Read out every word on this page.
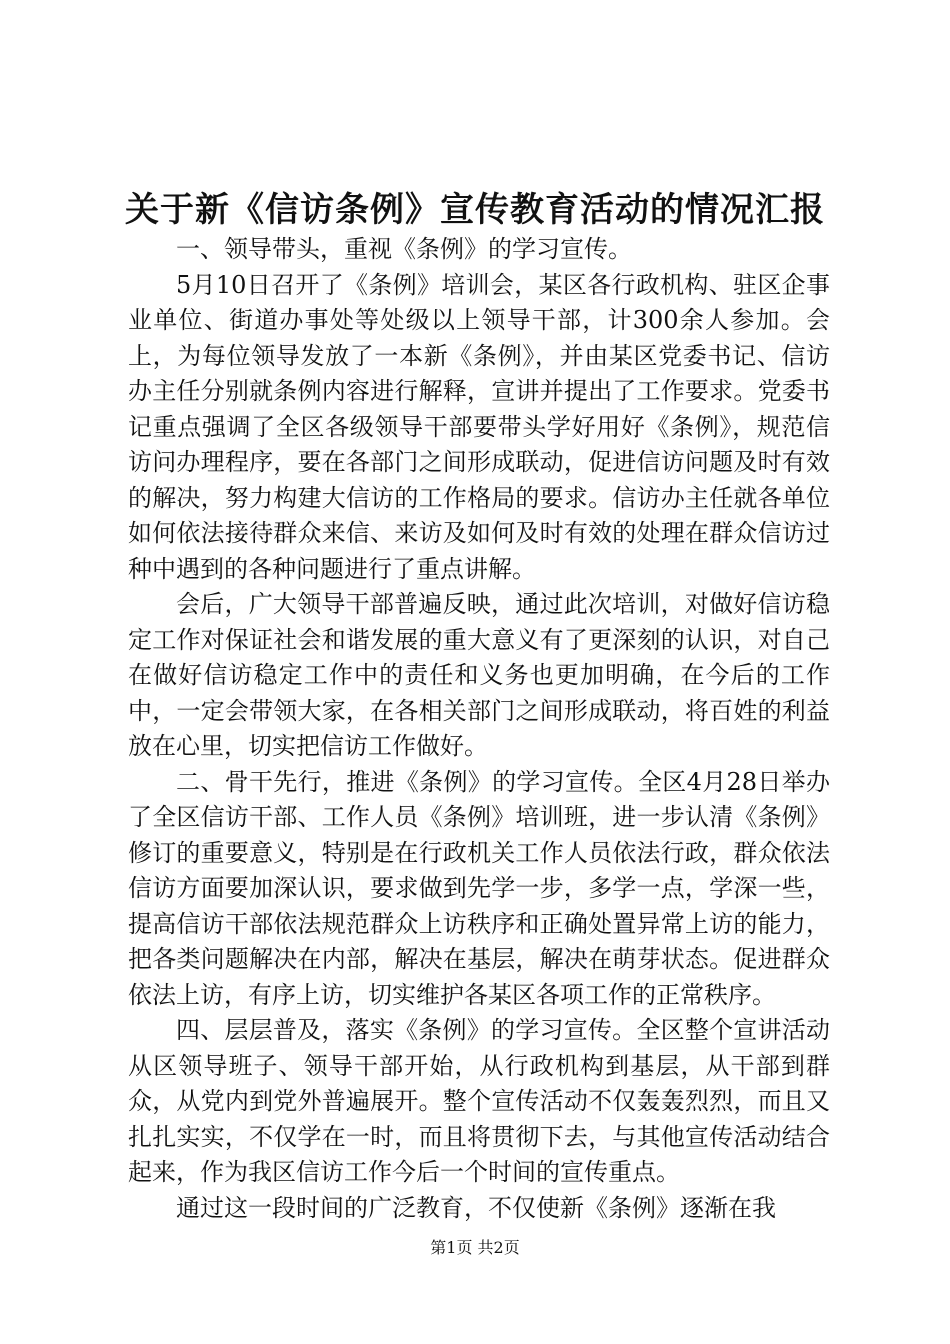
关于新《信访条例》宣传教育活动的情况汇报

一、领导带头，重视《条例》的学习宣传。

5月10日召开了《条例》培训会，某区各行政机构、驻区企事业单位、街道办事处等处级以上领导干部，计300余人参加。会上，为每位领导发放了一本新《条例》，并由某区党委书记、信访办主任分别就条例内容进行解释，宣讲并提出了工作要求。党委书记重点强调了全区各级领导干部要带头学好用好《条例》，规范信访问办理程序，要在各部门之间形成联动，促进信访问题及时有效的解决，努力构建大信访的工作格局的要求。信访办主任就各单位如何依法接待群众来信、来访及如何及时有效的处理在群众信访过种中遇到的各种问题进行了重点讲解。

会后，广大领导干部普遍反映，通过此次培训，对做好信访稳定工作对保证社会和谐发展的重大意义有了更深刻的认识，对自己在做好信访稳定工作中的责任和义务也更加明确，在今后的工作中，一定会带领大家，在各相关部门之间形成联动，将百姓的利益放在心里，切实把信访工作做好。

二、骨干先行，推进《条例》的学习宣传。全区4月28日举办了全区信访干部、工作人员《条例》培训班，进一步认清《条例》修订的重要意义，特别是在行政机关工作人员依法行政，群众依法信访方面要加深认识，要求做到先学一步，多学一点，学深一些，提高信访干部依法规范群众上访秩序和正确处置异常上访的能力，把各类问题解决在内部，解决在基层，解决在萌芽状态。促进群众依法上访，有序上访，切实维护各某区各项工作的正常秩序。

四、层层普及，落实《条例》的学习宣传。全区整个宣讲活动从区领导班子、领导干部开始，从行政机构到基层，从干部到群众，从党内到党外普遍展开。整个宣传活动不仅轰轰烈烈，而且又扎扎实实，不仅学在一时，而且将贯彻下去，与其他宣传活动结合起来，作为我区信访工作今后一个时间的宣传重点。

通过这一段时间的广泛教育，不仅使新《条例》逐渐在我

第1页 共2页
